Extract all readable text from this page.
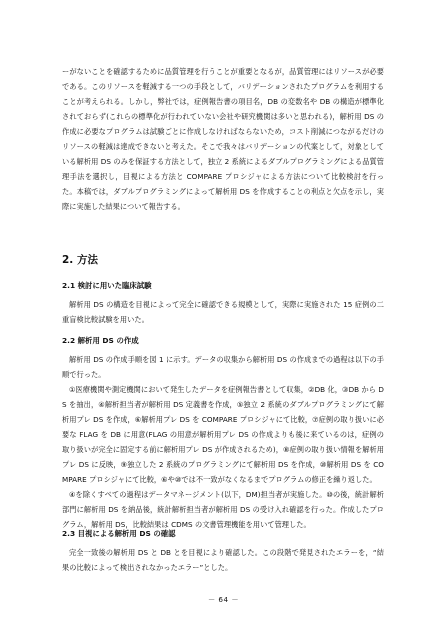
ーがないことを確認するために品質管理を行うことが重要となるが，品質管理にはリソースが必要である。このリソースを軽減する一つの手段として，バリデーションされたプログラムを利用することが考えられる。しかし，弊社では，症例報告書の項目名，DB の変数名や DB の構造が標準化されておらず(これらの標準化が行われていない会社や研究機関は多いと思われる)，解析用 DS の作成に必要なプログラムは試験ごとに作成しなければならないため，コスト削減につながるだけのリソースの軽減は達成できないと考えた。そこで我々はバリデーションの代案として，対象としている解析用 DS のみを保証する方法として，独立 2 系統によるダブルプログラミングによる品質管理手法を選択し，目視による方法と COMPARE プロシジャによる方法について比較検討を行った。本稿では，ダブルプログラミングによって解析用 DS を作成することの利点と欠点を示し，実際に実施した結果について報告する。

2. 方法
2.1 検討に用いた臨床試験

解析用 DS の構造を目視によって完全に確認できる規模として，実際に実施された 15 症例の二重盲検比較試験を用いた。

2.2 解析用 DS の作成

解析用 DS の作成手順を図 1 に示す。データの収集から解析用 DS の作成までの過程は以下の手順で行った。

①医療機関や測定機関において発生したデータを症例報告書として収集，②DB 化，③DB から DS を抽出，④解析担当者が解析用 DS 定義書を作成，⑤独立 2 系統のダブルプログラミングにて解析用プレ DS を作成，⑥解析用プレ DS を COMPARE プロシジャにて比較，⑦症例の取り扱いに必要な FLAG を DB に用意(FLAG の用意が解析用プレ DS の作成よりも後に来ているのは，症例の取り扱いが完全に固定する前に解析用プレ DS が作成されるため)，⑧症例の取り扱い情報を解析用プレ DS に反映，⑨独立した 2 系統のプログラミングにて解析用 DS を作成，⑩解析用 DS を COMPARE プロシジャにて比較，⑥や⑩では不一致がなくなるまでプログラムの修正を繰り返した。

④を除くすべての過程はデータマネージメント(以下，DM)担当者が実施した。⑩の後，統計解析部門に解析用 DS を納品後，統計解析担当者が解析用 DS の受け入れ確認を行った。作成したプログラム，解析用 DS，比較結果は CDMS の文書管理機能を用いて管理した。

2.3 目視による解析用 DS の確認

完全一致後の解析用 DS と DB とを目視により確認した。この段階で発見されたエラーを，“結果の比較によって検出されなかったエラー”とした。

－ 64 －
